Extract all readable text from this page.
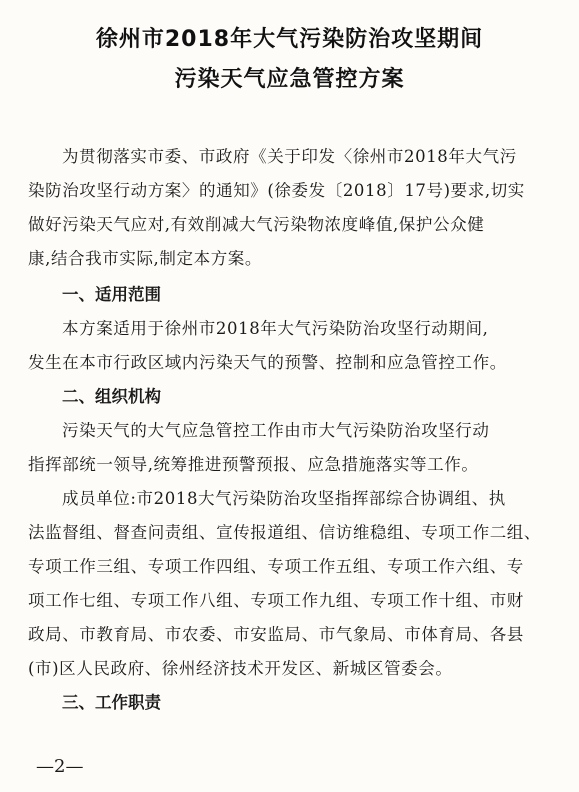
徐州市2018年大气污染防治攻坚期间
污染天气应急管控方案
为贯彻落实市委、市政府《关于印发〈徐州市2018年大气污
染防治攻坚行动方案〉的通知》(徐委发〔2018〕17号)要求,切实
做好污染天气应对,有效削减大气污染物浓度峰值,保护公众健
康,结合我市实际,制定本方案。
一、适用范围
本方案适用于徐州市2018年大气污染防治攻坚行动期间,
发生在本市行政区域内污染天气的预警、控制和应急管控工作。
二、组织机构
污染天气的大气应急管控工作由市大气污染防治攻坚行动
指挥部统一领导,统筹推进预警预报、应急措施落实等工作。
成员单位:市2018大气污染防治攻坚指挥部综合协调组、执
法监督组、督查问责组、宣传报道组、信访维稳组、专项工作二组、
专项工作三组、专项工作四组、专项工作五组、专项工作六组、专
项工作七组、专项工作八组、专项工作九组、专项工作十组、市财
政局、市教育局、市农委、市安监局、市气象局、市体育局、各县
(市)区人民政府、徐州经济技术开发区、新城区管委会。
三、工作职责
—2—
